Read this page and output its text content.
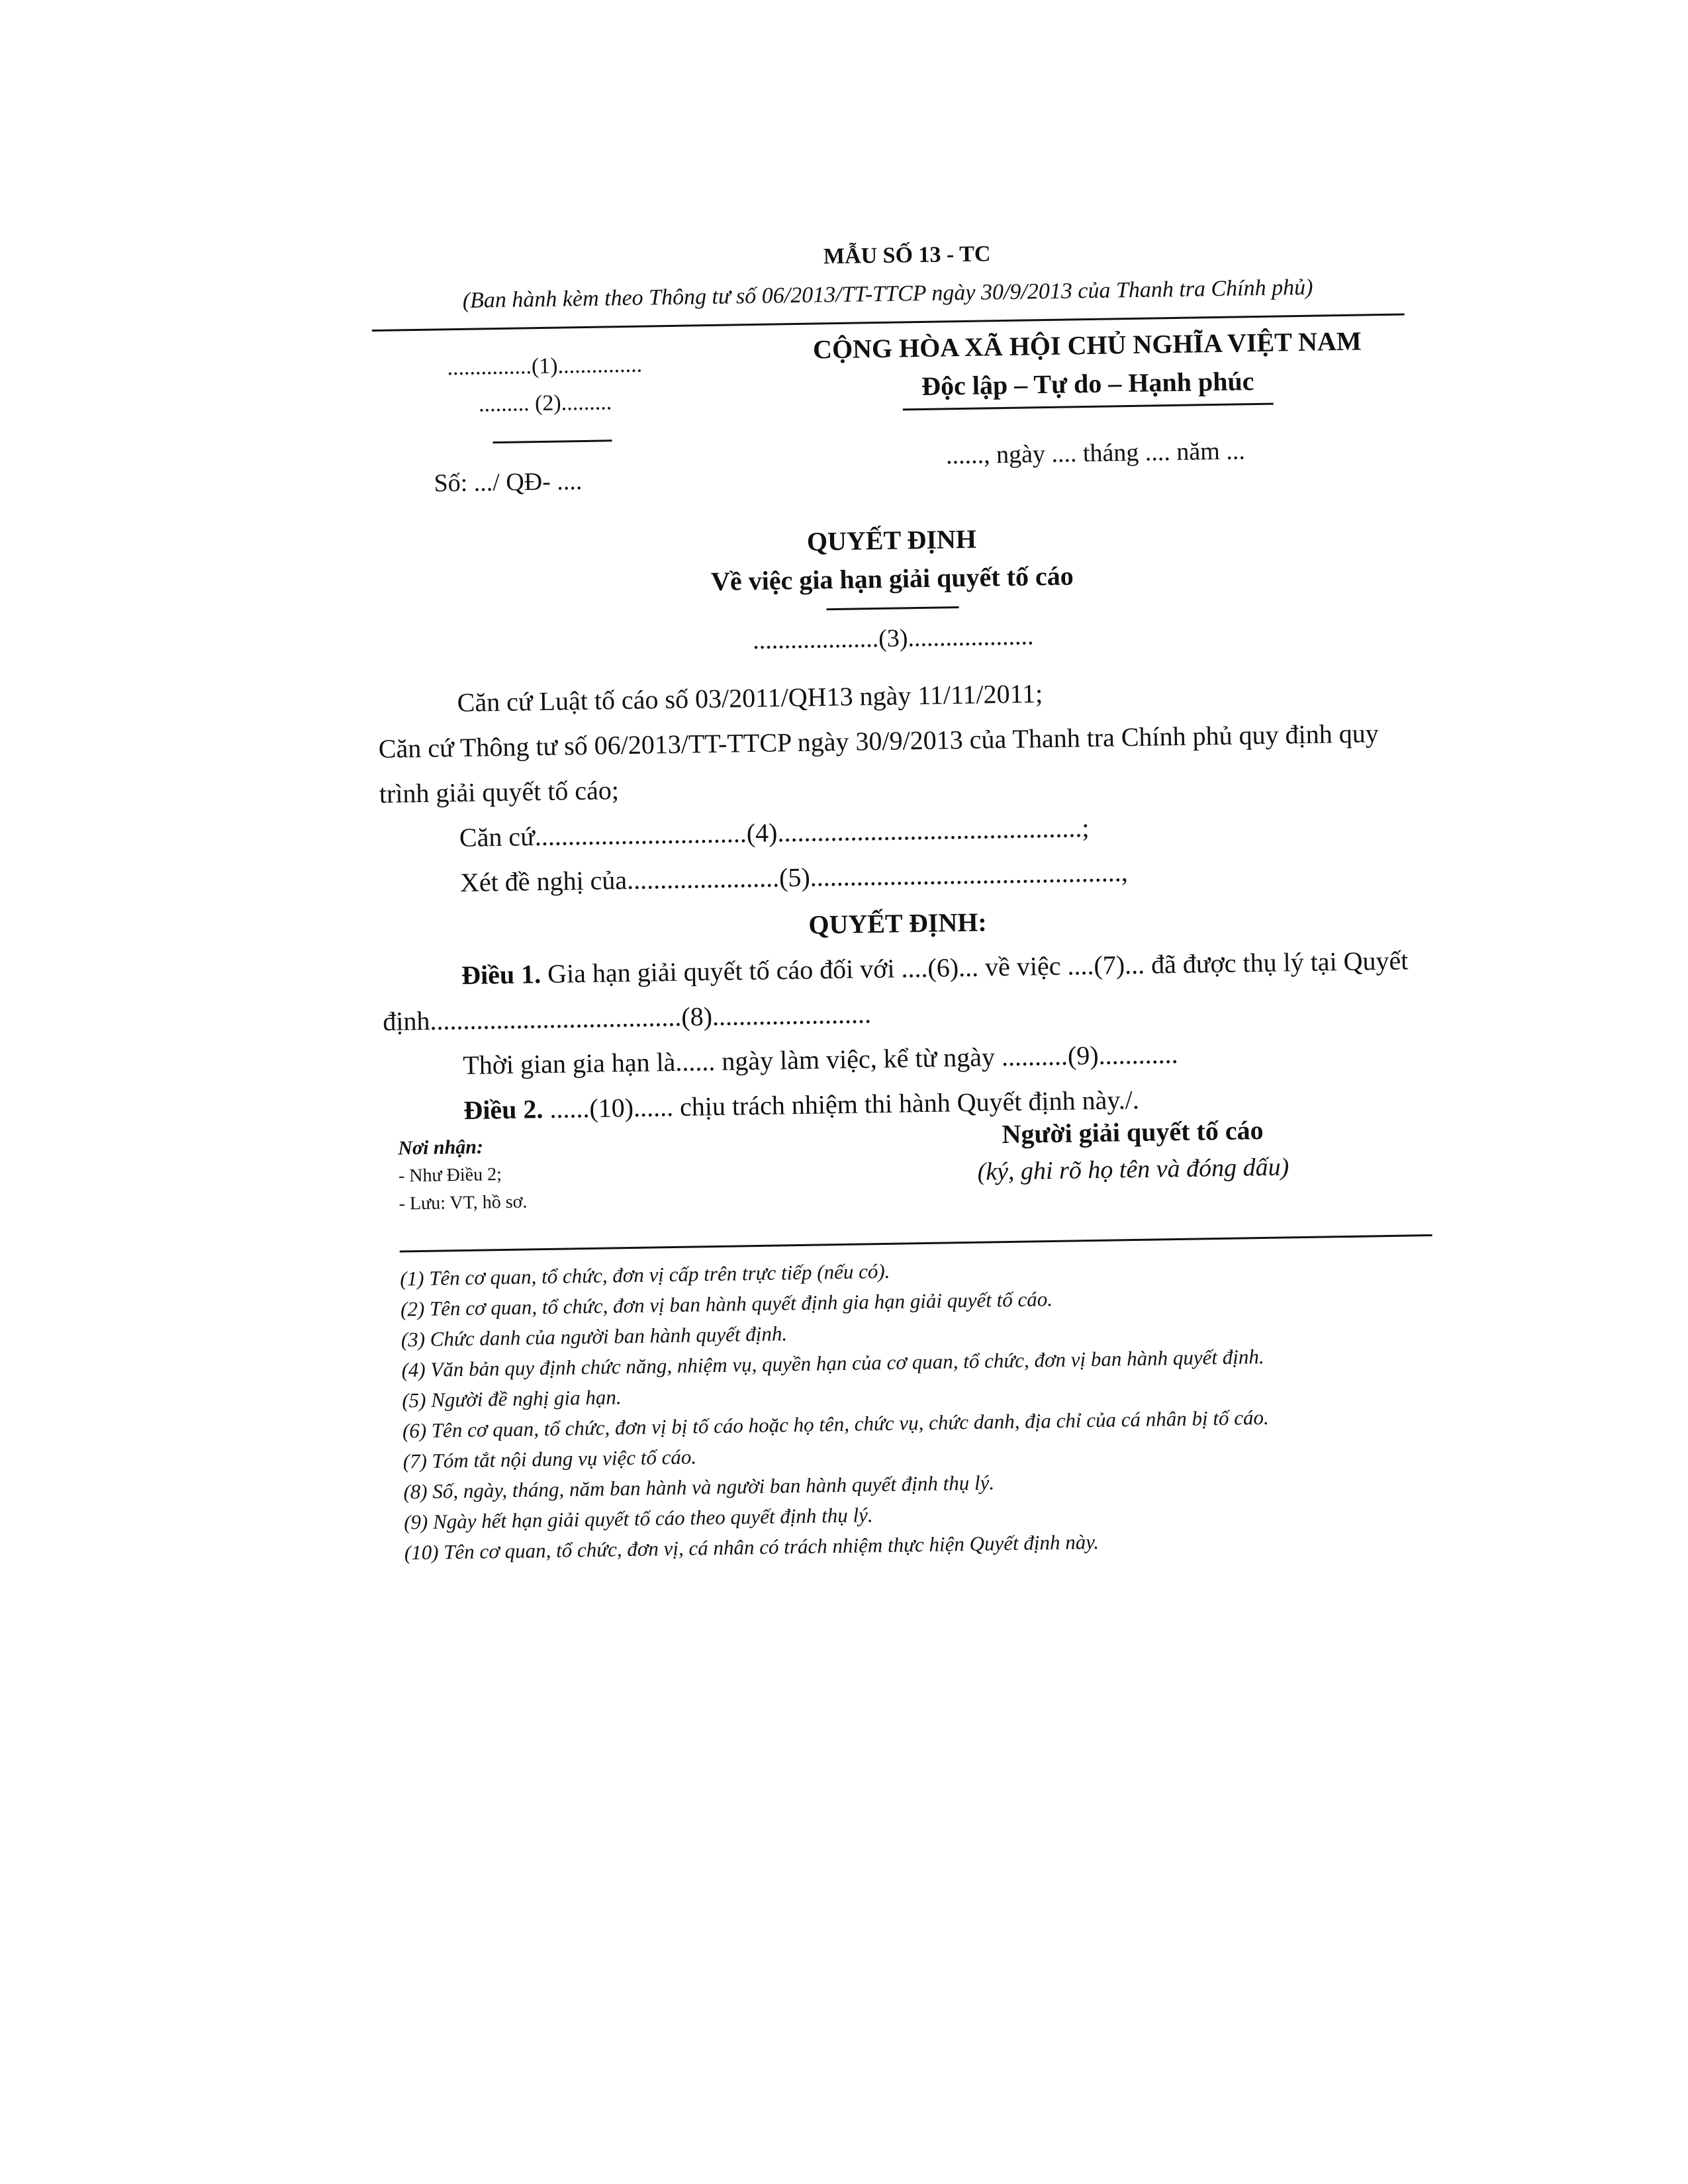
MẪU SỐ 13 - TC
(Ban hành kèm theo Thông tư số 06/2013/TT-TTCP ngày 30/9/2013 của Thanh tra Chính phủ)
...............(1)...............
......... (2).........
Số: .../ QĐ- ....
CỘNG HÒA XÃ HỘI CHỦ NGHĨA VIỆT NAM
Độc lập – Tự do – Hạnh phúc
......, ngày .... tháng .... năm ...
QUYẾT ĐỊNH
Về việc gia hạn giải quyết tố cáo
....................(3)....................

Căn cứ Luật tố cáo số 03/2011/QH13 ngày 11/11/2011;

Căn cứ Thông tư số 06/2013/TT-TTCP ngày 30/9/2013 của Thanh tra Chính phủ quy định quy trình giải quyết tố cáo;

Căn cứ................................(4)..............................................;

Xét đề nghị của.......................(5)...............................................,

QUYẾT ĐỊNH:

Điều 1. Gia hạn giải quyết tố cáo đối với ....(6)... về việc ....(7)... đã được thụ lý tại Quyết định......................................(8)........................

Thời gian gia hạn là...... ngày làm việc, kể từ ngày ..........(9)............

Điều 2. ......(10)...... chịu trách nhiệm thi hành Quyết định này./.

Nơi nhận:
- Như Điều 2;
- Lưu: VT, hồ sơ.
Người giải quyết tố cáo
(ký, ghi rõ họ tên và đóng dấu)
(1) Tên cơ quan, tổ chức, đơn vị cấp trên trực tiếp (nếu có).
(2) Tên cơ quan, tổ chức, đơn vị ban hành quyết định gia hạn giải quyết tố cáo.
(3) Chức danh của người ban hành quyết định.
(4) Văn bản quy định chức năng, nhiệm vụ, quyền hạn của cơ quan, tổ chức, đơn vị ban hành quyết định.
(5) Người đề nghị gia hạn.
(6) Tên cơ quan, tổ chức, đơn vị bị tố cáo hoặc họ tên, chức vụ, chức danh, địa chỉ của cá nhân bị tố cáo.
(7) Tóm tắt nội dung vụ việc tố cáo.
(8) Số, ngày, tháng, năm ban hành và người ban hành quyết định thụ lý.
(9) Ngày hết hạn giải quyết tố cáo theo quyết định thụ lý.
(10) Tên cơ quan, tổ chức, đơn vị, cá nhân có trách nhiệm thực hiện Quyết định này.
